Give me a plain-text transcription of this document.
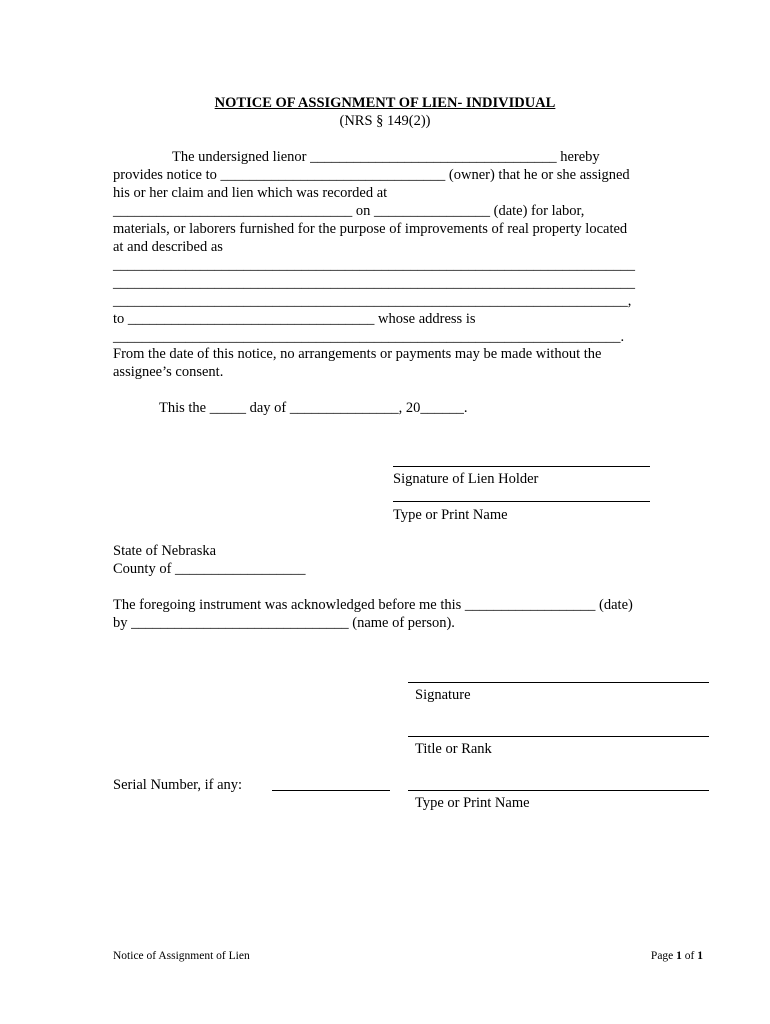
NOTICE OF ASSIGNMENT OF LIEN- INDIVIDUAL
(NRS § 149(2))
The undersigned lienor __________________________________ hereby
provides notice to _______________________________ (owner) that he or she assigned
his or her claim and lien which was recorded at
_________________________________ on ________________ (date) for labor,
materials, or laborers furnished for the purpose of improvements of real property located
at and described as
________________________________________________________________________
________________________________________________________________________
_______________________________________________________________________,
to __________________________________ whose address is
______________________________________________________________________.
From the date of this notice, no arrangements or payments may be made without the
assignee’s consent.
This the _____ day of _______________, 20______.
Signature of Lien Holder
Type or Print Name
State of Nebraska
County of __________________
The foregoing instrument was acknowledged before me this __________________ (date)
by ______________________________ (name of person).
Signature
Title or Rank
Serial Number, if any:
Type or Print Name
Notice of Assignment of Lien	Page 1 of 1
